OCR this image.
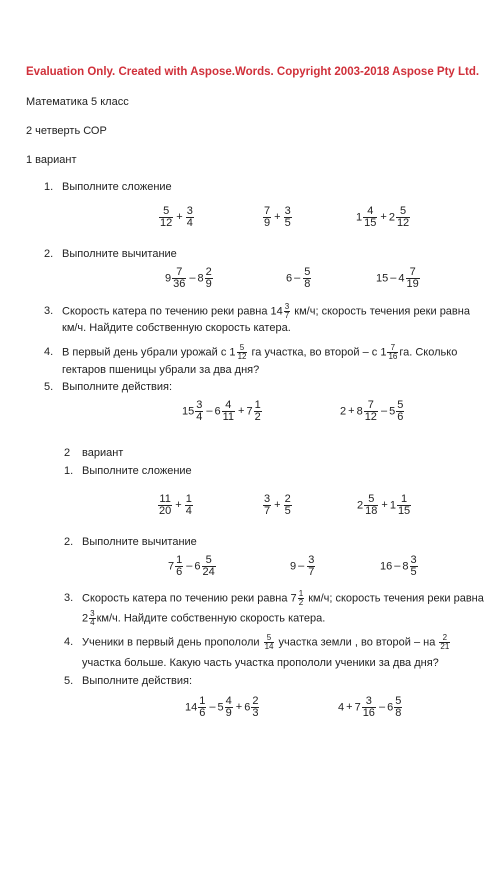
Evaluation Only. Created with Aspose.Words. Copyright 2003-2018 Aspose Pty Ltd.
Математика 5 класс
2 четверть СОР
1 вариант
1. Выполните сложение
$\frac{5}{12} + \frac{3}{4}$	$\frac{7}{9} + \frac{3}{5}$	$1 \frac{4}{15} + 2 \frac{5}{12}$
2. Выполните вычитание
$9 \frac{7}{36} - 8 \frac{2}{9}$	$6 - \frac{5}{8}$	$15 - 4 \frac{7}{19}$
3. Скорость катера по течению реки равна $14 \frac{3}{7} км/ч$; скорость течения реки равна
км/ч. Найдите собственную скорость катера.
4. В первый день убрали урожай с $1 \frac{5}{12}$ га участка, во второй – с $1 \frac{7}{16}$ га. Сколько
гектаров пшеницы убрали за два дня?
5. Выполните действия:
$15 \frac{3}{4} - 6 \frac{4}{11} + 7 \frac{1}{2}$	$2 + 8 \frac{7}{12} - 5 \frac{5}{6}$
2 вариант
1. Выполните сложение
$\frac{11}{20} + \frac{1}{4}$	$\frac{3}{7} + \frac{2}{5}$	$2 \frac{5}{18} + 1 \frac{1}{15}$
2. Выполните вычитание
$7 \frac{1}{6} - 6 \frac{5}{24}$	$9 - \frac{3}{7}$	$16 - 8 \frac{3}{5}$
3. Скорость катера по течению реки равна $7 \frac{1}{2} км/ч$; скорость течения реки равна
$2 \frac{3}{4} км/ч$. Найдите собственную скорость катера.
4. Ученики в первый день пропололи $\frac{5}{14}$ участка земли , во второй – на $\frac{2}{21}$
участка больше. Какую часть участка пропололи ученики за два дня?
5. Выполните действия:
$14 \frac{1}{6} - 5 \frac{4}{9} + 6 \frac{2}{3}$	$4 + 7 \frac{3}{16} - 6 \frac{5}{8}$
